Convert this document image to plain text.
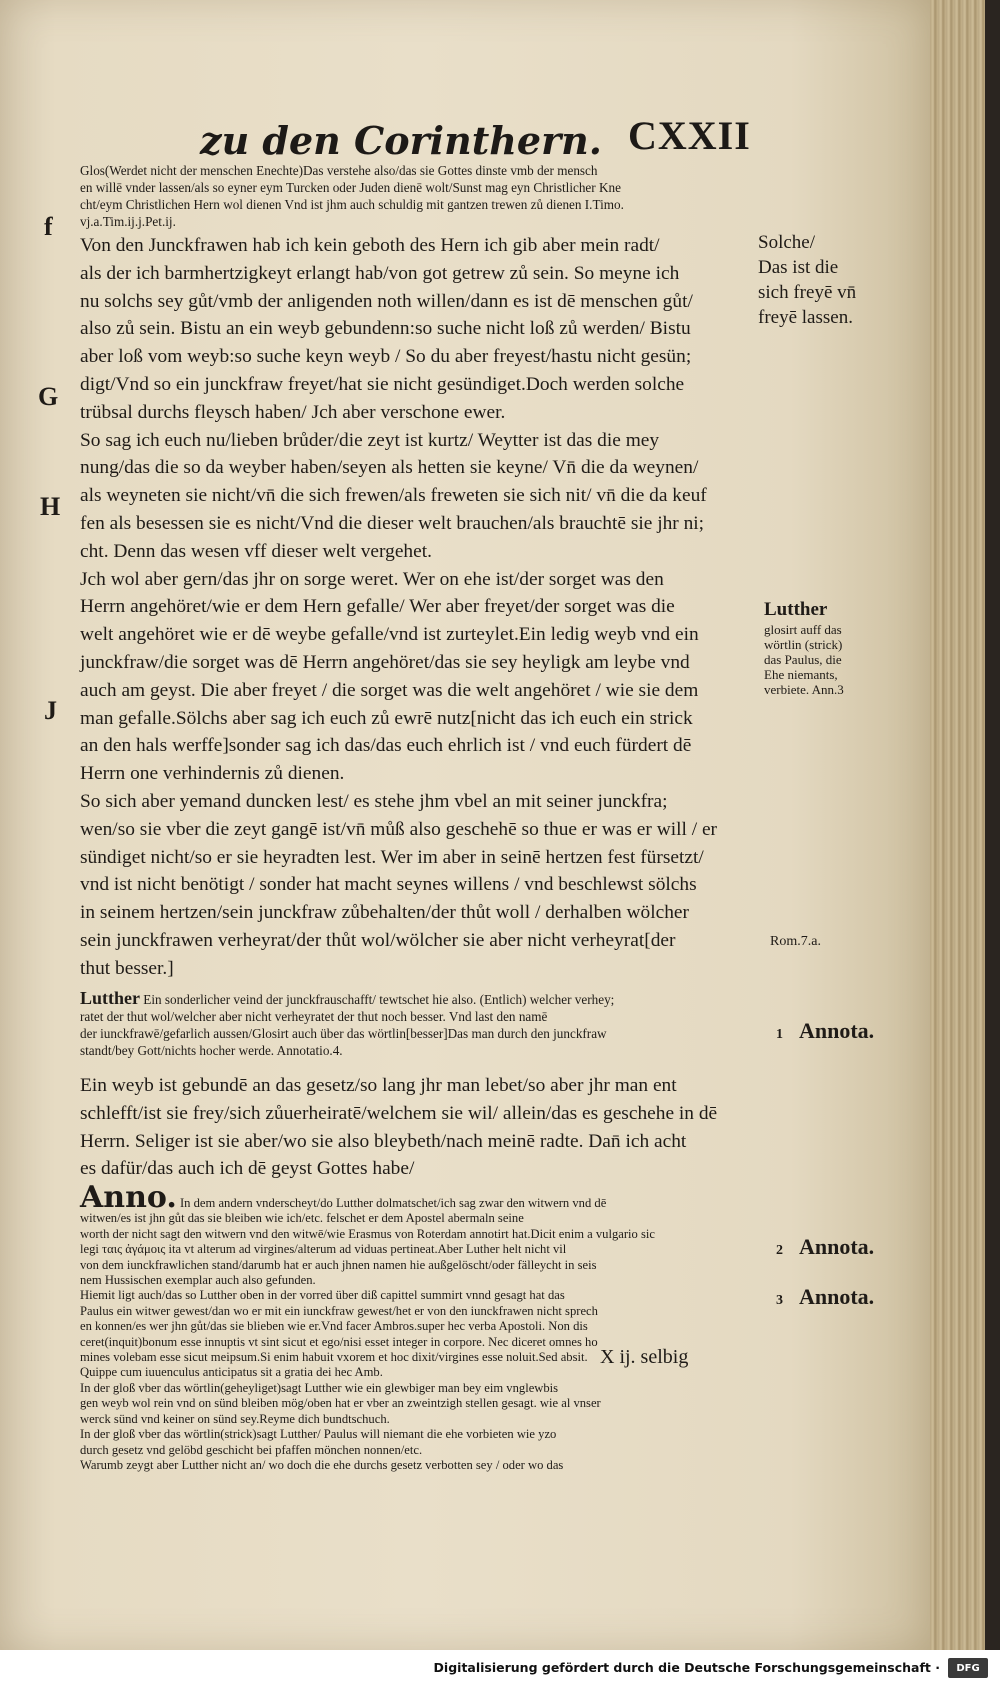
zu den Corinthern. CXXII

Glos(Werdet nicht der menschen Enechte)Das verstehe also/das sie Gottes dinste vmb der mensch

en willē vnder lassen/als so eyner eym Turcken oder Juden dienē wolt/Sunst mag eyn Christlicher Kne

cht/eym Christlichen Hern wol dienen Vnd ist jhm auch schuldig mit gantzen trewen zů dienen I.Timo.

vj.a.Tim.ij.j.Pet.ij.

f
G
H
J

Von den Junckfrawen hab ich kein geboth des Hern ich gib aber mein radt/

als der ich barmhertzigkeyt erlangt hab/von got getrew zů sein. So meyne ich

nu solchs sey gůt/vmb der anligenden noth willen/dann es ist dē menschen gůt/

also zů sein. Bistu an ein weyb gebundenn:so suche nicht loß zů werden/ Bistu

aber loß vom weyb:so suche keyn weyb / So du aber freyest/hastu nicht gesün;

digt/Vnd so ein junckfraw freyet/hat sie nicht gesündiget.Doch werden solche

trübsal durchs fleysch haben/ Jch aber verschone ewer.

So sag ich euch nu/lieben brůder/die zeyt ist kurtz/ Weytter ist das die mey

nung/das die so da weyber haben/seyen als hetten sie keyne/ Vn̄ die da weynen/

als weyneten sie nicht/vn̄ die sich frewen/als freweten sie sich nit/ vn̄ die da keuf

fen als besessen sie es nicht/Vnd die dieser welt brauchen/als brauchtē sie jhr ni;

cht. Denn das wesen vff dieser welt vergehet.

Jch wol aber gern/das jhr on sorge weret. Wer on ehe ist/der sorget was den

Herrn angehöret/wie er dem Hern gefalle/ Wer aber freyet/der sorget was die

welt angehöret wie er dē weybe gefalle/vnd ist zurteylet.Ein ledig weyb vnd ein

junckfraw/die sorget was dē Herrn angehöret/das sie sey heyligk am leybe vnd

auch am geyst. Die aber freyet / die sorget was die welt angehöret / wie sie dem

man gefalle.Sölchs aber sag ich euch zů ewrē nutz[nicht das ich euch ein strick

an den hals werffe]sonder sag ich das/das euch ehrlich ist / vnd euch fürdert dē

Herrn one verhindernis zů dienen.

So sich aber yemand duncken lest/ es stehe jhm vbel an mit seiner junckfra;

wen/so sie vber die zeyt gangē ist/vn̄ můß also geschehē so thue er was er will / er

sündiget nicht/so er sie heyradten lest. Wer im aber in seinē hertzen fest fürsetzt/

vnd ist nicht benötigt / sonder hat macht seynes willens / vnd beschlewst sölchs

in seinem hertzen/sein junckfraw zůbehalten/der thůt woll / derhalben wölcher

sein junckfrawen verheyrat/der thůt wol/wölcher sie aber nicht verheyrat[der

thut besser.]

Lutther Ein sonderlicher veind der junckfrauschafft/ tewtschet hie also. (Entlich) welcher verhey;

ratet der thut wol/welcher aber nicht verheyratet der thut noch besser. Vnd last den namē

der iunckfrawē/gefarlich aussen/Glosirt auch über das wörtlin[besser]Das man durch den junckfraw

standt/bey Gott/nichts hocher werde. Annotatio.4.

Ein weyb ist gebundē an das gesetz/so lang jhr man lebet/so aber jhr man ent

schlefft/ist sie frey/sich zůuerheiratē/welchem sie wil/ allein/das es geschehe in dē

Herrn. Seliger ist sie aber/wo sie also bleybeth/nach meinē radte. Dan̄ ich acht

es dafür/das auch ich dē geyst Gottes habe/

Anno. In dem andern vnderscheyt/do Lutther dolmatschet/ich sag zwar den witwern vnd dē

witwen/es ist jhn gůt das sie bleiben wie ich/etc. felschet er dem Apostel abermaln seine

worth der nicht sagt den witwern vnd den witwē/wie Erasmus von Roterdam annotirt hat.Dicit enim a vulgario sic

legi ταις ἀγάμοις ita vt alterum ad virgines/alterum ad viduas pertineat.Aber Luther helt nicht vil

von dem iunckfrawlichen stand/darumb hat er auch jhnen namen hie außgelöscht/oder fälleycht in seis

nem Hussischen exemplar auch also gefunden.

Hiemit ligt auch/das so Lutther oben in der vorred über diß capittel summirt vnnd gesagt hat das

Paulus ein witwer gewest/dan wo er mit ein iunckfraw gewest/het er von den iunckfrawen nicht sprech

en konnen/es wer jhn gůt/das sie blieben wie er.Vnd facer Ambros.super hec verba Apostoli. Non dis

ceret(inquit)bonum esse innuptis vt sint sicut et ego/nisi esset integer in corpore. Nec diceret omnes ho

mines volebam esse sicut meipsum.Si enim habuit vxorem et hoc dixit/virgines esse noluit.Sed absit.

Quippe cum iuuenculus anticipatus sit a gratia dei hec Amb.

In der gloß vber das wörtlin(geheyliget)sagt Lutther wie ein glewbiger man bey eim vnglewbis

gen weyb wol rein vnd on sünd bleiben mög/oben hat er vber an zweintzigh stellen gesagt. wie al vnser

werck sünd vnd keiner on sünd sey.Reyme dich bundtschuch.

In der gloß vber das wörtlin(strick)sagt Lutther/ Paulus will niemant die ehe vorbieten wie yzo

durch gesetz vnd gelöbd geschicht bei pfaffen mönchen nonnen/etc.

Warumb zeygt aber Lutther nicht an/ wo doch die ehe durchs gesetz verbotten sey / oder wo das

X ij. selbig
Solche/
Das ist die
sich freyē vn̄
freyē lassen.
Lutther
glosirt auff das
wörtlin (strick)
das Paulus, die
Ehe niemants,
verbiete. Ann.3
Rom.7.a.
1 Annota.
2 Annota.
3 Annota.
Digitalisierung gefördert durch die Deutsche Forschungsgemeinschaft ·	DFG
